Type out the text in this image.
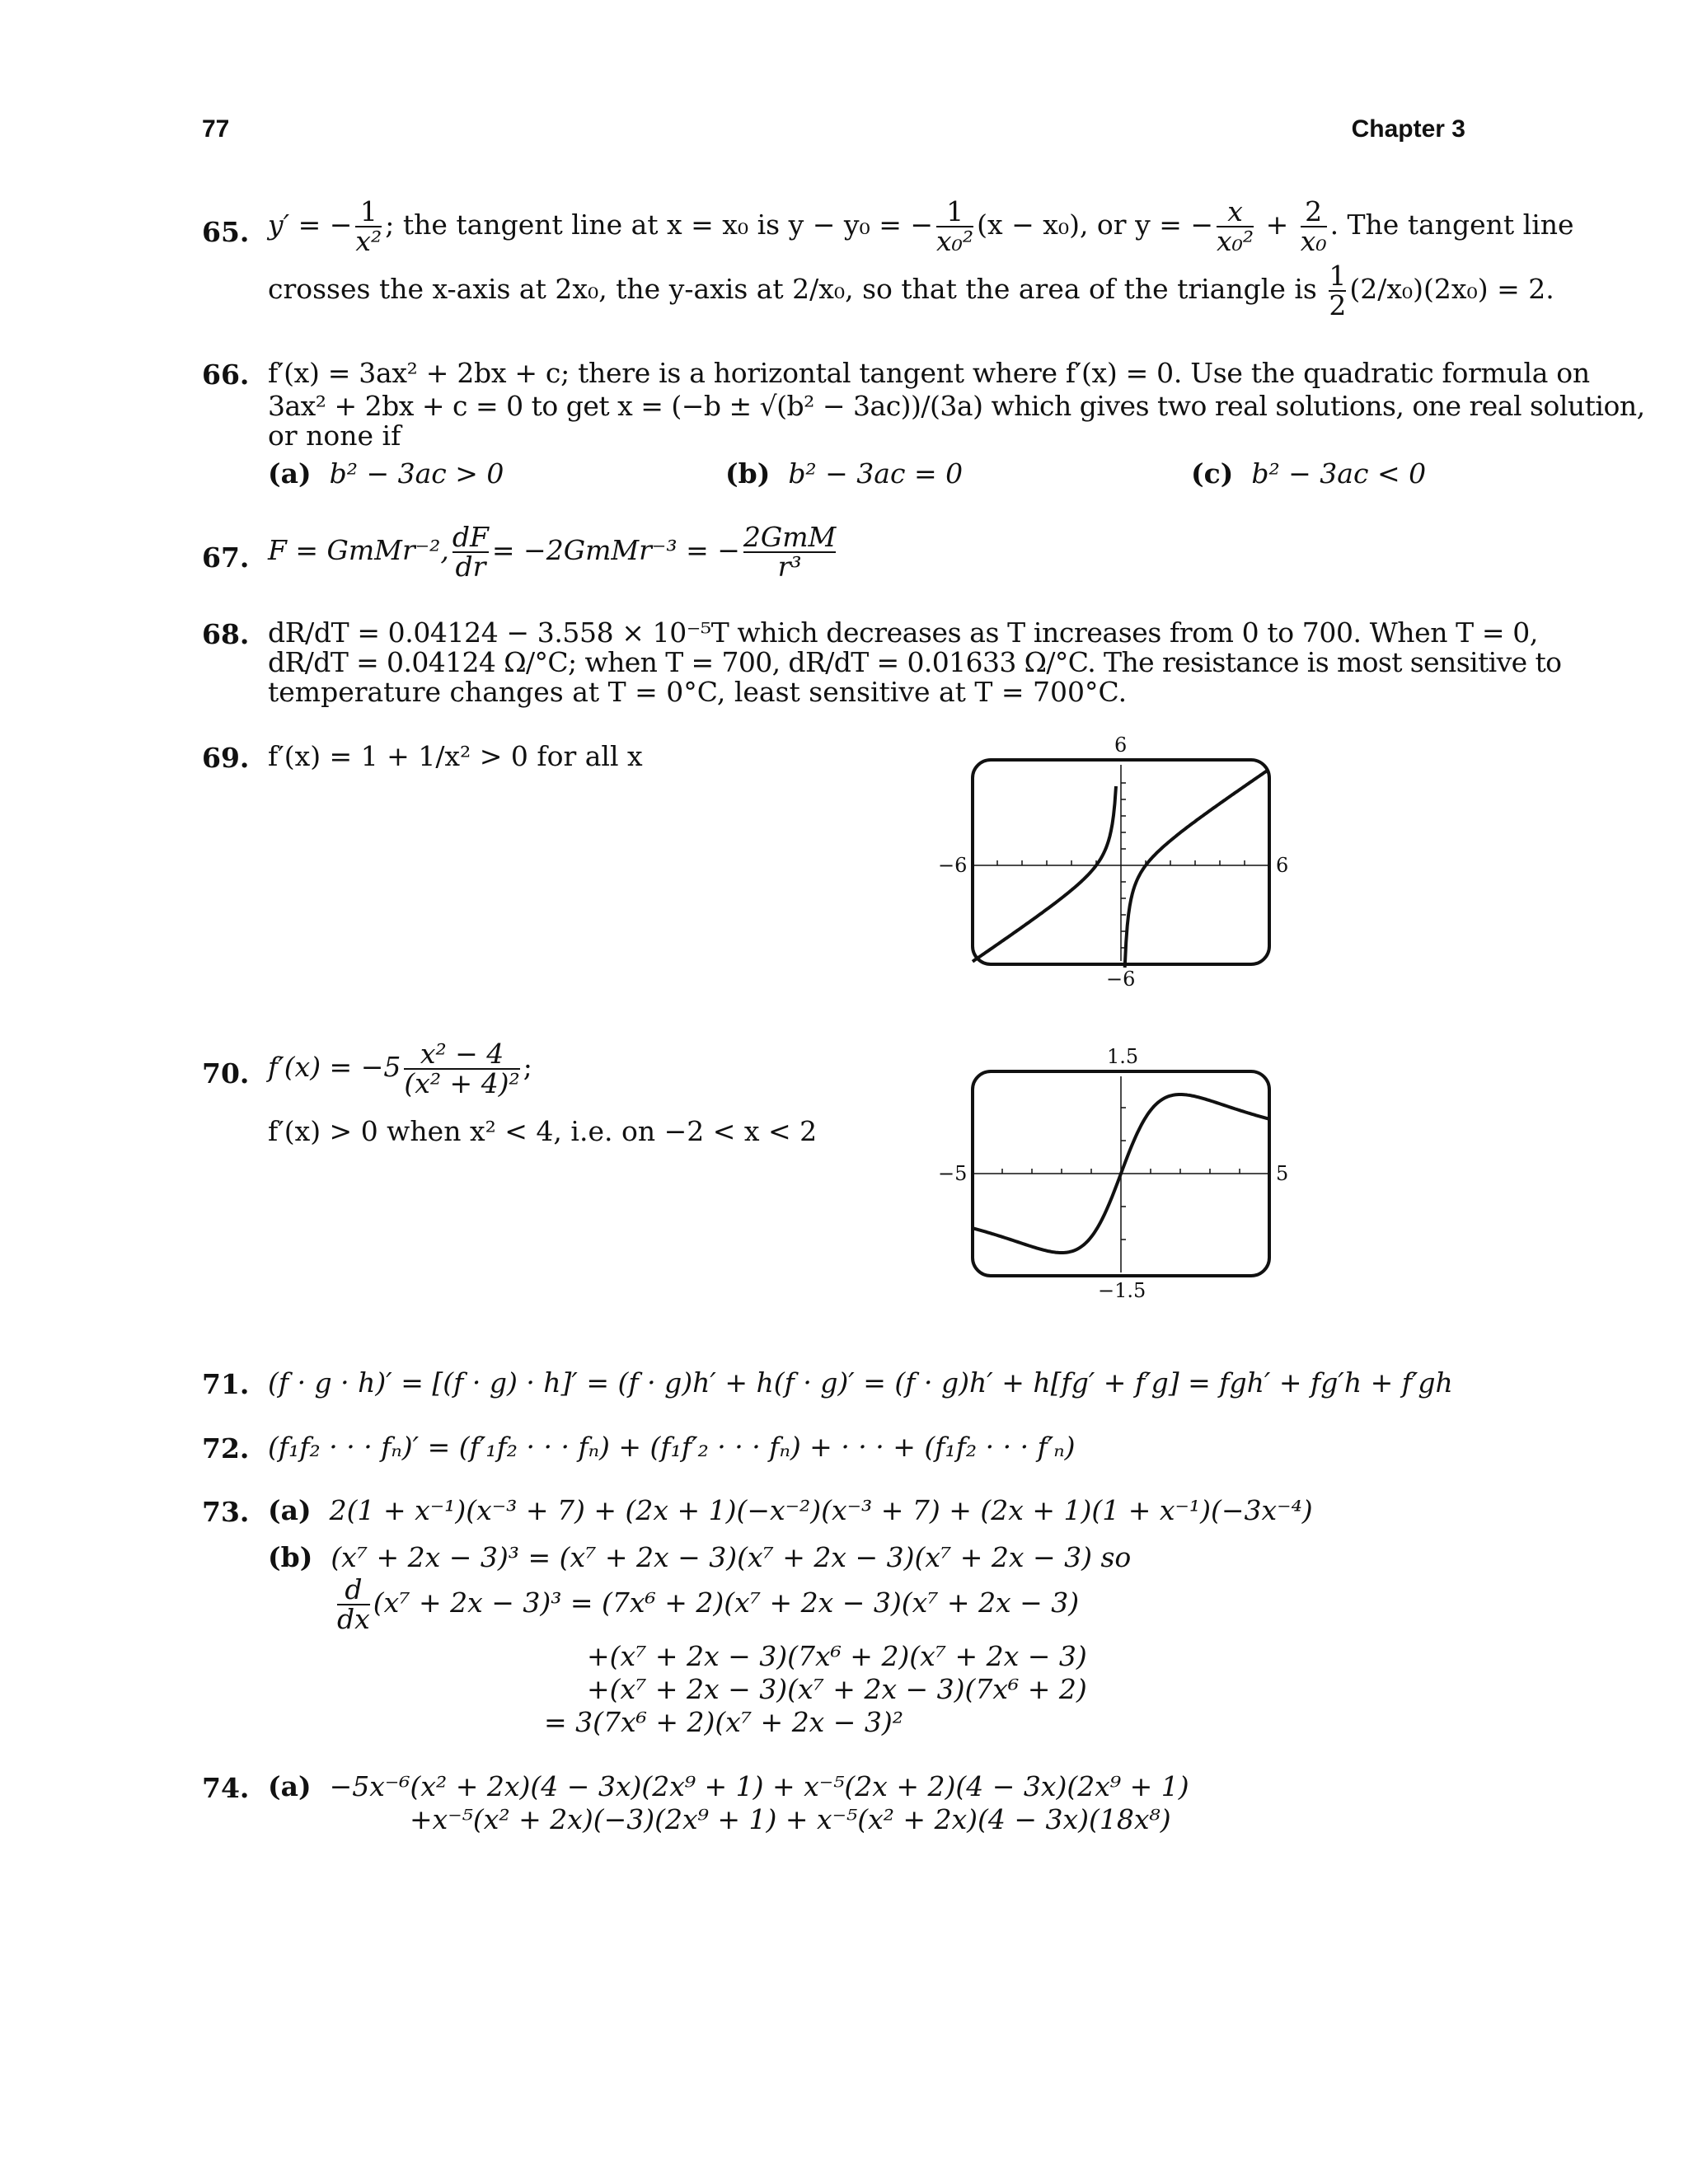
77	Chapter 3
65. y′ = − $\frac{1}{\text{x²}}$ ; the tangent line at x = x₀ is y − y₀ = − $\frac{1}{\text{x₀²}} (x - x_0)$, or y = − $\frac{x}{\text{x₀²}} + \frac{2}{\text{x₀}}$ . The tangent line
crosses the x-axis at 2x₀, the y-axis at 2/x₀, so that the area of the triangle is $\frac{1}{2} (2/x_0)(2x_0) = 2$.
66. f′(x) = 3ax² + 2bx + c; there is a horizontal tangent where f′(x) = 0. Use the quadratic formula on
3ax² + 2bx + c = 0 to get x = (−b ± √(b² − 3ac))/(3a) which gives two real solutions, one real solution,
or none if
(a) b² − 3ac > 0	(b) b² − 3ac = 0	(c) b² − 3ac < 0
67. F = GmMr⁻², $\frac{dF}{dr}$ = −2GmMr⁻³ = − $\frac{\text{2GmM}}{\text{r³}}$
68. dR/dT = 0.04124 − 3.558 × 10⁻⁵T which decreases as T increases from 0 to 700. When T = 0,
dR/dT = 0.04124 Ω/°C; when T = 700, dR/dT = 0.01633 Ω/°C. The resistance is most sensitive to
temperature changes at T = 0°C, least sensitive at T = 700°C.
69. f′(x) = 1 + 1/x² > 0 for all x	6
−6
−6	6
70. $f'(x) = -5 \frac{\text{x² − 4}}{\text{(x² + 4)²}}$ ;
f′(x) > 0 when x² < 4, i.e. on −2 < x < 2
1.5
−1.5
−5	5
71. (f · g · h)′ = [(f · g) · h]′ = (f · g)h′ + h(f · g)′ = (f · g)h′ + h[fg′ + f′g] = fgh′ + fg′h + f′gh
72. (f₁f₂ · · · fₙ)′ = (f′₁f₂ · · · fₙ) + (f₁f′₂ · · · fₙ) + · · · + (f₁f₂ · · · f′ₙ)
73. (a) 2(1 + x⁻¹)(x⁻³ + 7) + (2x + 1)(−x⁻²)(x⁻³ + 7) + (2x + 1)(1 + x⁻¹)(−3x⁻⁴)
(b) (x⁷ + 2x − 3)³ = (x⁷ + 2x − 3)(x⁷ + 2x − 3)(x⁷ + 2x − 3) so
$\frac{d}{dx} (x^7 + 2x - 3)^3 = (7x^6 + 2)(x^7 + 2x - 3)(x^7 + 2x - 3)$
+(x⁷ + 2x − 3)(7x⁶ + 2)(x⁷ + 2x − 3)
+(x⁷ + 2x − 3)(x⁷ + 2x − 3)(7x⁶ + 2)
= 3(7x⁶ + 2)(x⁷ + 2x − 3)²
74. (a) −5x⁻⁶(x² + 2x)(4 − 3x)(2x⁹ + 1) + x⁻⁵(2x + 2)(4 − 3x)(2x⁹ + 1)
+x⁻⁵(x² + 2x)(−3)(2x⁹ + 1) + x⁻⁵(x² + 2x)(4 − 3x)(18x⁸)
